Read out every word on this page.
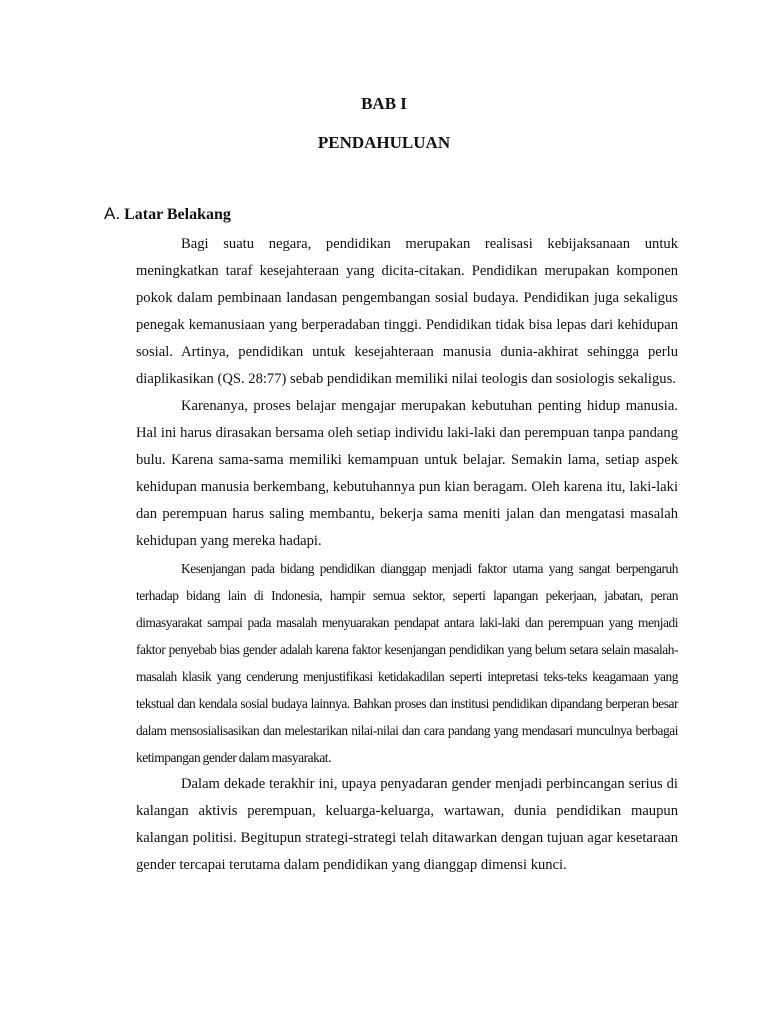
BAB I
PENDAHULUAN
A. Latar Belakang

Bagi suatu negara, pendidikan merupakan realisasi kebijaksanaan untuk meningkatkan taraf kesejahteraan yang dicita-citakan. Pendidikan merupakan komponen pokok dalam pembinaan landasan pengembangan sosial budaya. Pendidikan juga sekaligus penegak kemanusiaan yang berperadaban tinggi. Pendidikan tidak bisa lepas dari kehidupan sosial. Artinya, pendidikan untuk kesejahteraan manusia dunia-akhirat sehingga perlu diaplikasikan (QS. 28:77) sebab pendidikan memiliki nilai teologis dan sosiologis sekaligus.

Karenanya, proses belajar mengajar merupakan kebutuhan penting hidup manusia. Hal ini harus dirasakan bersama oleh setiap individu laki-laki dan perempuan tanpa pandang bulu. Karena sama-sama memiliki kemampuan untuk belajar. Semakin lama, setiap aspek kehidupan manusia berkembang, kebutuhannya pun kian beragam. Oleh karena itu, laki-laki dan perempuan harus saling membantu, bekerja sama meniti jalan dan mengatasi masalah kehidupan yang mereka hadapi.

Kesenjangan pada bidang pendidikan dianggap menjadi faktor utama yang sangat berpengaruh terhadap bidang lain di Indonesia, hampir semua sektor, seperti lapangan pekerjaan, jabatan, peran dimasyarakat sampai pada masalah menyuarakan pendapat antara laki-laki dan perempuan yang menjadi faktor penyebab bias gender adalah karena faktor kesenjangan pendidikan yang belum setara selain masalah-masalah klasik yang cenderung menjustifikasi ketidakadilan seperti intepretasi teks-teks keagamaan yang tekstual dan kendala sosial budaya lainnya. Bahkan proses dan institusi pendidikan dipandang berperan besar dalam mensosialisasikan dan melestarikan nilai-nilai dan cara pandang yang mendasari munculnya berbagai ketimpangan gender dalam masyarakat.

Dalam dekade terakhir ini, upaya penyadaran gender menjadi perbincangan serius di kalangan aktivis perempuan, keluarga-keluarga, wartawan, dunia pendidikan maupun kalangan politisi. Begitupun strategi-strategi telah ditawarkan dengan tujuan agar kesetaraan gender tercapai terutama dalam pendidikan yang dianggap dimensi kunci.
